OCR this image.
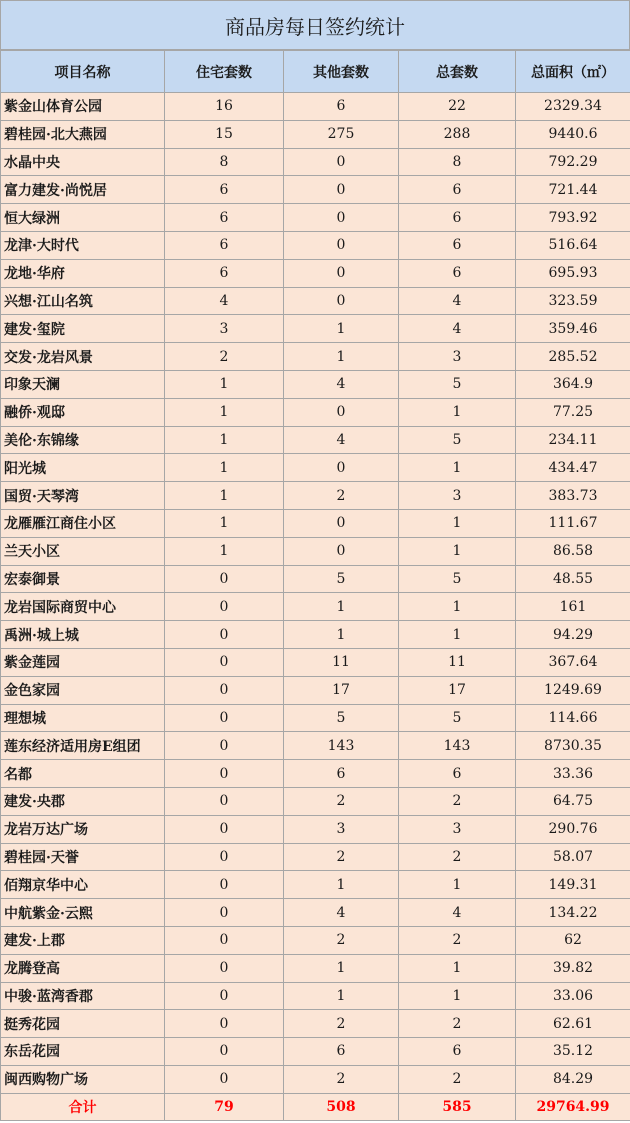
商品房每日签约统计
项目名称	住宅套数	其他套数	总套数	总面积（㎡）
紫金山体育公园	16	6	22	2329.34
碧桂园·北大燕园	15	275	288	9440.6
水晶中央	8	0	8	792.29
富力建发·尚悦居	6	0	6	721.44
恒大绿洲	6	0	6	793.92
龙津·大时代	6	0	6	516.64
龙地·华府	6	0	6	695.93
兴想·江山名筑	4	0	4	323.59
建发·玺院	3	1	4	359.46
交发·龙岩风景	2	1	3	285.52
印象天澜	1	4	5	364.9
融侨·观邸	1	0	1	77.25
美伦·东锦缘	1	4	5	234.11
阳光城	1	0	1	434.47
国贸·天琴湾	1	2	3	383.73
龙雁雁江商住小区	1	0	1	111.67
兰天小区	1	0	1	86.58
宏泰御景	0	5	5	48.55
龙岩国际商贸中心	0	1	1	161
禹洲·城上城	0	1	1	94.29
紫金莲园	0	11	11	367.64
金色家园	0	17	17	1249.69
理想城	0	5	5	114.66
莲东经济适用房E组团	0	143	143	8730.35
名都	0	6	6	33.36
建发·央郡	0	2	2	64.75
龙岩万达广场	0	3	3	290.76
碧桂园·天誉	0	2	2	58.07
佰翔京华中心	0	1	1	149.31
中航紫金·云熙	0	4	4	134.22
建发·上郡	0	2	2	62
龙腾登高	0	1	1	39.82
中骏·蓝湾香郡	0	1	1	33.06
挺秀花园	0	2	2	62.61
东岳花园	0	6	6	35.12
闽西购物广场	0	2	2	84.29
合计	79	508	585	29764.99
